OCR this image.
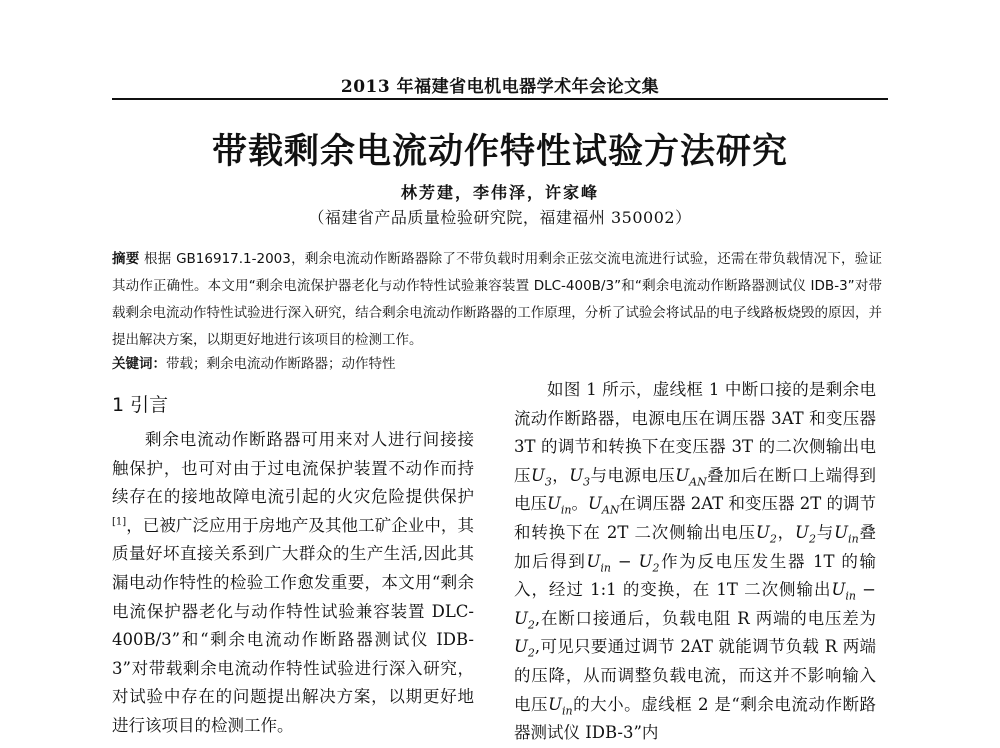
2013 年福建省电机电器学术年会论文集
带载剩余电流动作特性试验方法研究
林芳建，李伟泽，许家峰
（福建省产品质量检验研究院，福建福州 350002）
摘要 根据 GB16917.1-2003，剩余电流动作断路器除了不带负载时用剩余正弦交流电流进行试验，还需在带负载情况下，验证其动作正确性。本文用“剩余电流保护器老化与动作特性试验兼容装置 DLC-400B/3”和“剩余电流动作断路器测试仪 IDB-3”对带载剩余电流动作特性试验进行深入研究，结合剩余电流动作断路器的工作原理，分析了试验会将试品的电子线路板烧毁的原因，并提出解决方案，以期更好地进行该项目的检测工作。
关键词：带载；剩余电流动作断路器；动作特性
1 引言

剩余电流动作断路器可用来对人进行间接接触保护，也可对由于过电流保护装置不动作而持续存在的接地故障电流引起的火灾危险提供保护[1]，已被广泛应用于房地产及其他工矿企业中，其质量好坏直接关系到广大群众的生产生活,因此其漏电动作特性的检验工作愈发重要，本文用“剩余电流保护器老化与动作特性试验兼容装置 DLC-400B/3”和“剩余电流动作断路器测试仪 IDB-3”对带载剩余电流动作特性试验进行深入研究，对试验中存在的问题提出解决方案，以期更好地进行该项目的检测工作。

如图 1 所示，虚线框 1 中断口接的是剩余电流动作断路器，电源电压在调压器 3AT 和变压器 3T 的调节和转换下在变压器 3T 的二次侧输出电压$U_3$，$U_3$与电源电压$U_{AN}$叠加后在断口上端得到电压$U_{in}$。$U_{AN}$在调压器 2AT 和变压器 2T 的调节和转换下在 2T 二次侧输出电压$U_2$，$U_2$与$U_{in}$叠加后得到$U_{in} - U_2$作为反电压发生器 1T 的输入，经过 1:1 的变换，在 1T 二次侧输出$U_{in} - U_2$,在断口接通后，负载电阻 R 两端的电压差为$U_2$,可见只要通过调节 2AT 就能调节负载 R 两端的压降，从而调整负载电流，而这并不影响输入电压$U_{in}$的大小。虚线框 2 是“剩余电流动作断路器测试仪 IDB-3”内
